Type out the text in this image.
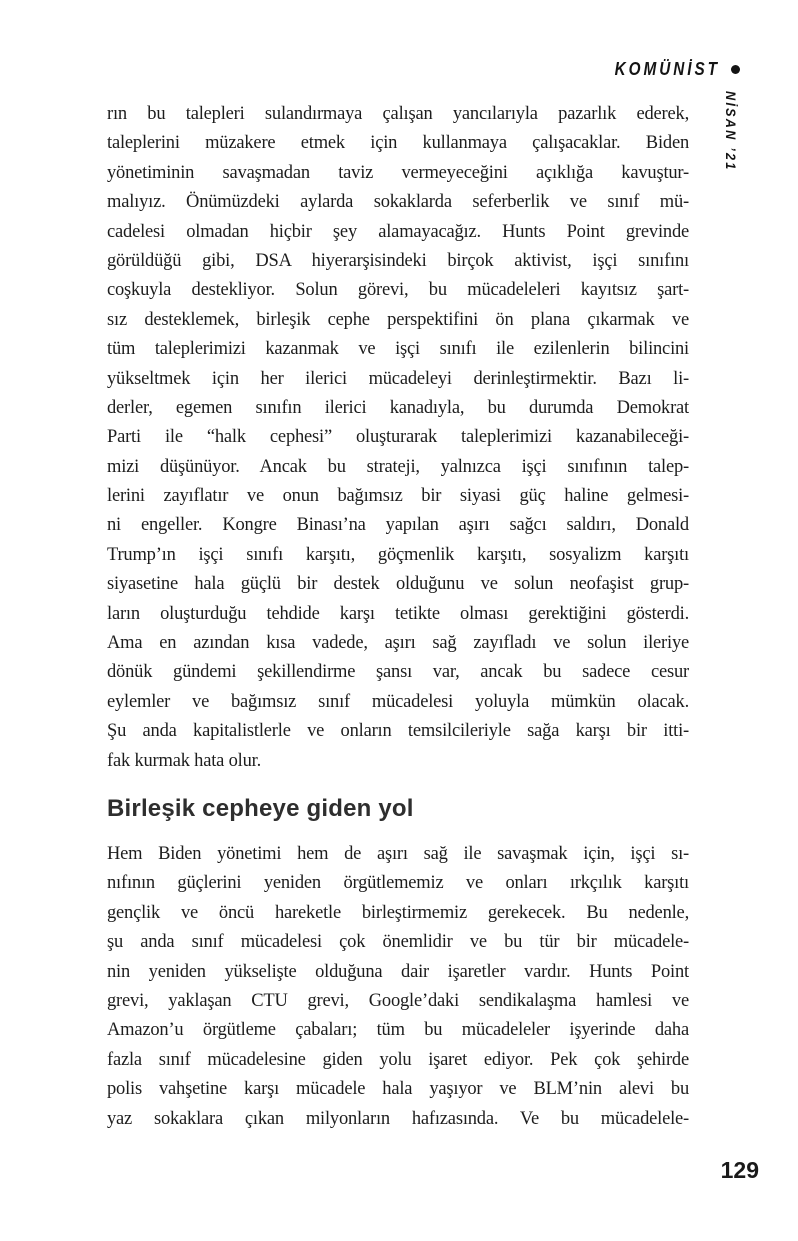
KOMÜNİST
NİSAN ’21
rın bu talepleri sulandırmaya çalışan yancılarıyla pazarlık ederek,
taleplerini müzakere etmek için kullanmaya çalışacaklar. Biden
yönetiminin savaşmadan taviz vermeyeceğini açıklığa kavuştur-
malıyız. Önümüzdeki aylarda sokaklarda seferberlik ve sınıf mü-
cadelesi olmadan hiçbir şey alamayacağız. Hunts Point grevinde
görüldüğü gibi, DSA hiyerarşisindeki birçok aktivist, işçi sınıfını
coşkuyla destekliyor. Solun görevi, bu mücadeleleri kayıtsız şart-
sız desteklemek, birleşik cephe perspektifini ön plana çıkarmak ve
tüm taleplerimizi kazanmak ve işçi sınıfı ile ezilenlerin bilincini
yükseltmek için her ilerici mücadeleyi derinleştirmektir. Bazı li-
derler, egemen sınıfın ilerici kanadıyla, bu durumda Demokrat
Parti ile “halk cephesi” oluşturarak taleplerimizi kazanabileceği-
mizi düşünüyor. Ancak bu strateji, yalnızca işçi sınıfının talep-
lerini zayıflatır ve onun bağımsız bir siyasi güç haline gelmesi-
ni engeller. Kongre Binası’na yapılan aşırı sağcı saldırı, Donald
Trump’ın işçi sınıfı karşıtı, göçmenlik karşıtı, sosyalizm karşıtı
siyasetine hala güçlü bir destek olduğunu ve solun neofaşist grup-
ların oluşturduğu tehdide karşı tetikte olması gerektiğini gösterdi.
Ama en azından kısa vadede, aşırı sağ zayıfladı ve solun ileriye
dönük gündemi şekillendirme şansı var, ancak bu sadece cesur
eylemler ve bağımsız sınıf mücadelesi yoluyla mümkün olacak.
Şu anda kapitalistlerle ve onların temsilcileriyle sağa karşı bir itti-
fak kurmak hata olur.
Birleşik cepheye giden yol
Hem Biden yönetimi hem de aşırı sağ ile savaşmak için, işçi sı-
nıfının güçlerini yeniden örgütlememiz ve onları ırkçılık karşıtı
gençlik ve öncü hareketle birleştirmemiz gerekecek. Bu nedenle,
şu anda sınıf mücadelesi çok önemlidir ve bu tür bir mücadele-
nin yeniden yükselişte olduğuna dair işaretler vardır. Hunts Point
grevi, yaklaşan CTU grevi, Google’daki sendikalaşma hamlesi ve
Amazon’u örgütleme çabaları; tüm bu mücadeleler işyerinde daha
fazla sınıf mücadelesine giden yolu işaret ediyor. Pek çok şehirde
polis vahşetine karşı mücadele hala yaşıyor ve BLM’nin alevi bu
yaz sokaklara çıkan milyonların hafızasında. Ve bu mücadelele-
129
